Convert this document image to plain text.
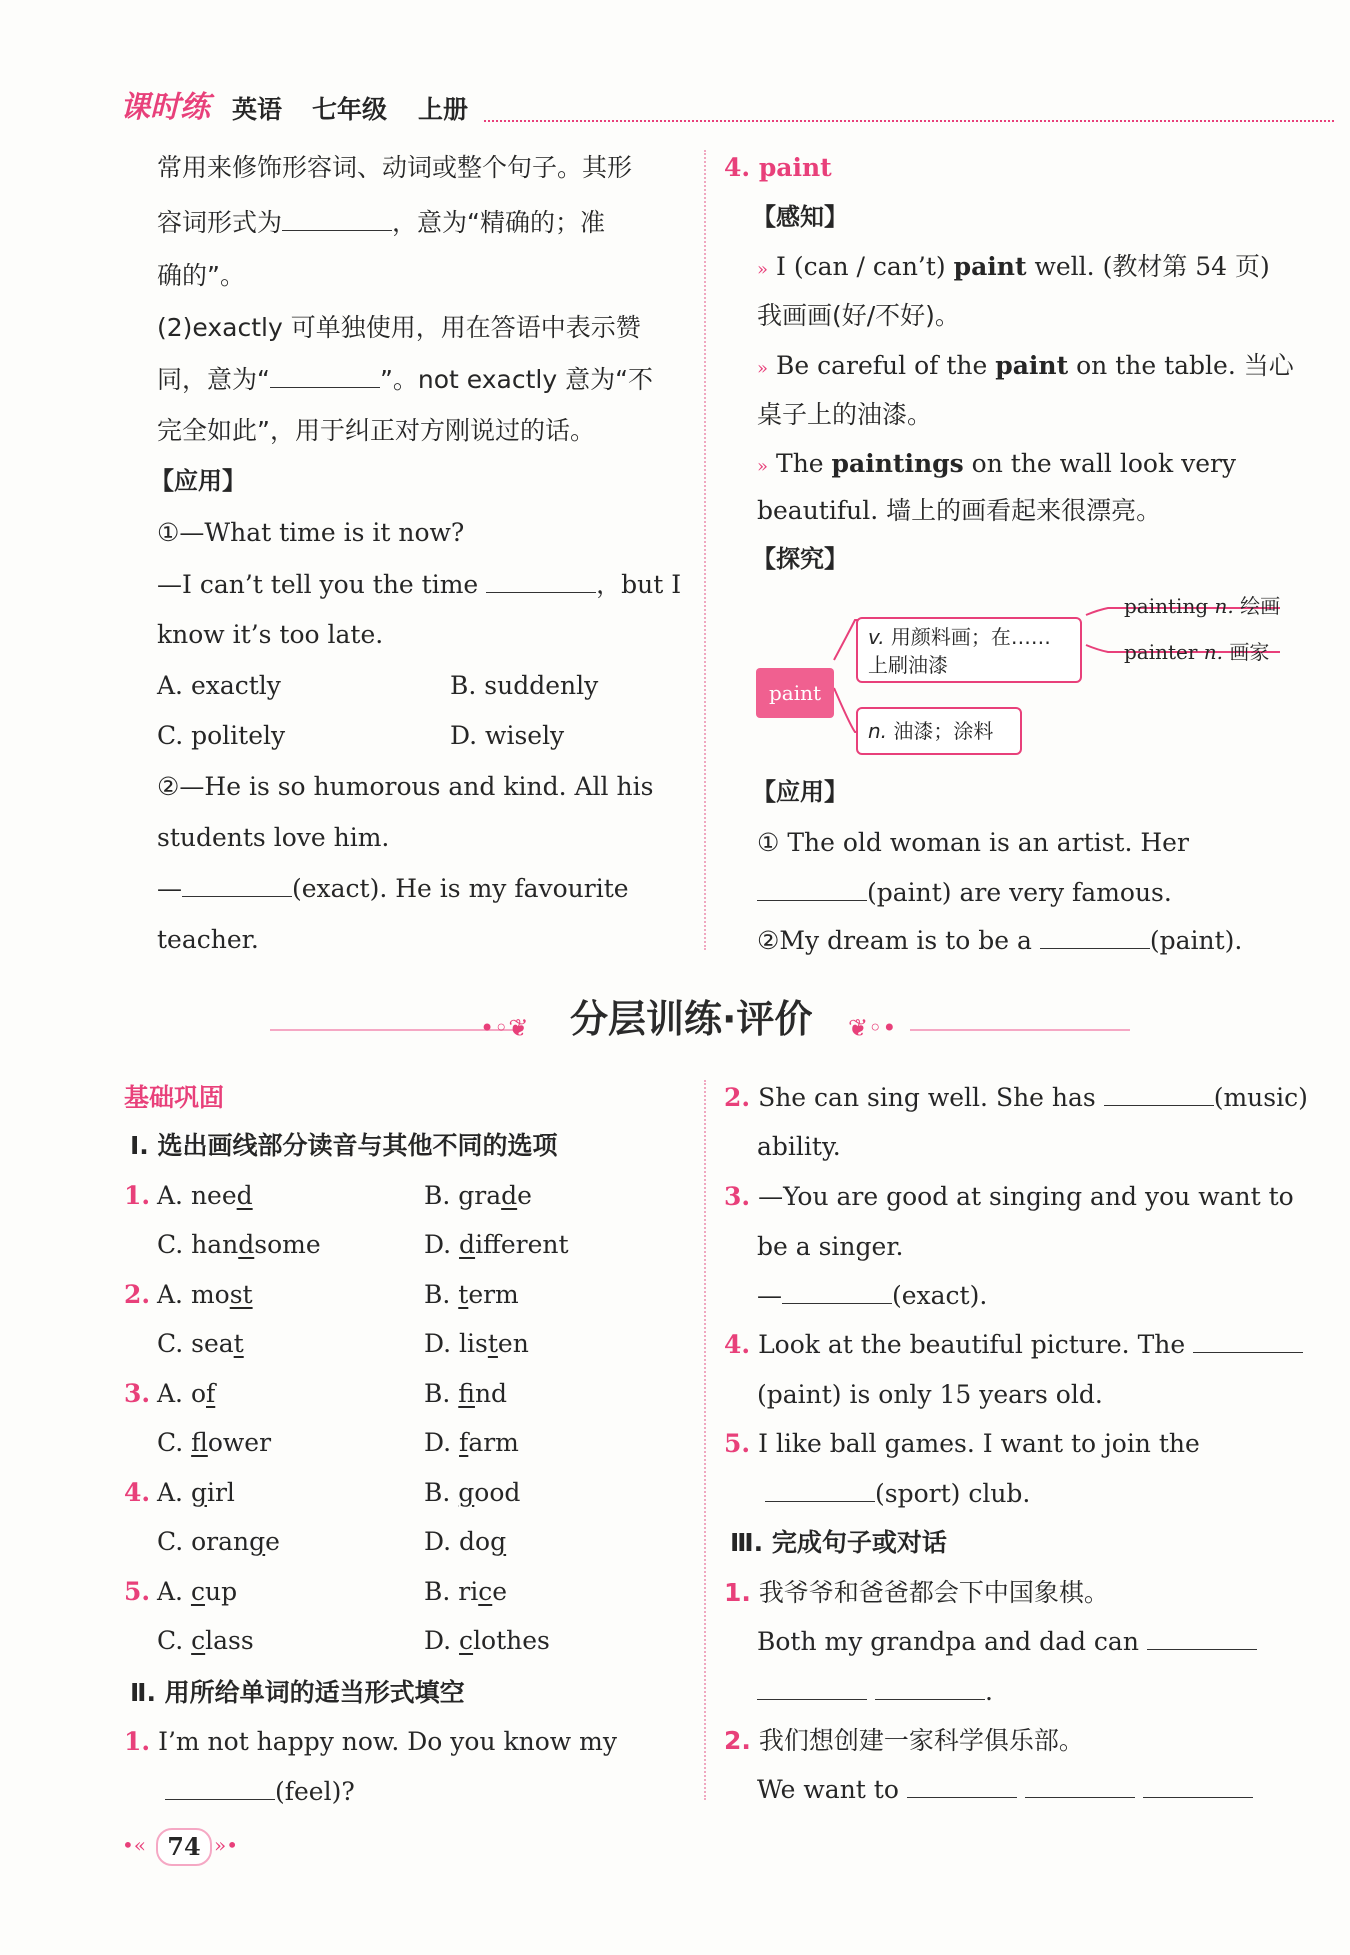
课时练 英语 七年级 上册
常用来修饰形容词、动词或整个句子。其形
容词形式为	，意为“精确的；准
确的”。
(2)exactly 可单独使用，用在答语中表示赞
同，意为“	”。not exactly 意为“不
完全如此”，用于纠正对方刚说过的话。
【应用】
①—What time is it now?
—I can’t tell you the time	，but I
know it’s too late.
A. exactly	B. suddenly
C. politely	D. wisely
②—He is so humorous and kind. All his
students love him.
—	(exact). He is my favourite
teacher.
4. paint
【感知】
» I (can / can’t) paint well. (教材第 54 页)
我画画(好/不好)。
» Be careful of the paint on the table. 当心
桌子上的油漆。
» The paintings on the wall look very
beautiful. 墙上的画看起来很漂亮。
【探究】
paint
v. 用颜料画；在……
上刷油漆
n. 油漆；涂料
painting n. 绘画
painter n. 画家
【应用】
① The old woman is an artist. Her
(paint) are very famous.
②My dream is to be a	(paint).
•◦❦ 分层训练·评价 ❦◦•
基础巩固
Ⅰ. 选出画线部分读音与其他不同的选项
1. A. need	B. grade
C. handsome	D. different
2. A. most	B. term
C. seat	D. listen
3. A. of	B. find
C. flower	D. farm
4. A. girl	B. good
C. orange	D. dog
5. A. cup	B. rice
C. class	D. clothes
Ⅱ. 用所给单词的适当形式填空
1. I’m not happy now. Do you know my
(feel)?
2. She can sing well. She has	(music)
ability.
3. —You are good at singing and you want to
be a singer.
—	(exact).
4. Look at the beautiful picture. The
(paint) is only 15 years old.
5. I like ball games. I want to join the
(sport) club.
Ⅲ. 完成句子或对话
1. 我爷爷和爸爸都会下中国象棋。
Both my grandpa and dad can
.
2. 我们想创建一家科学俱乐部。
We want to
•« 74 »•
